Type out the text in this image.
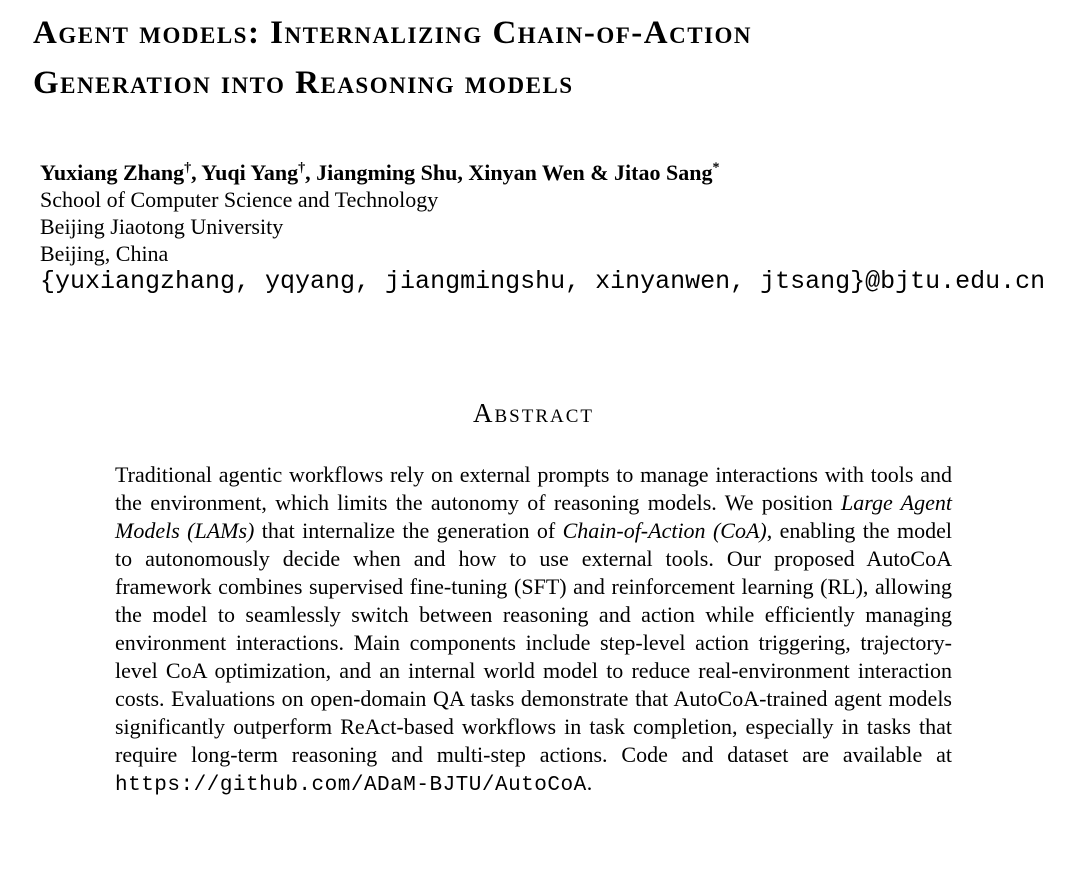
Agent models: Internalizing Chain-of-Action
Generation into Reasoning models

Yuxiang Zhang†, Yuqi Yang†, Jiangming Shu, Xinyan Wen & Jitao Sang*

School of Computer Science and Technology

Beijing Jiaotong University

Beijing, China

{yuxiangzhang, yqyang, jiangmingshu, xinyanwen, jtsang}@bjtu.edu.cn

Abstract

Traditional agentic workflows rely on external prompts to manage interactions with tools and the environment, which limits the autonomy of reasoning models. We position Large Agent Models (LAMs) that internalize the generation of Chain-of-Action (CoA), enabling the model to autonomously decide when and how to use external tools. Our proposed AutoCoA framework combines supervised fine-tuning (SFT) and reinforcement learning (RL), allowing the model to seamlessly switch between reasoning and action while efficiently managing environment interactions. Main components include step-level action triggering, trajectory-level CoA optimization, and an internal world model to reduce real-environment interaction costs. Evaluations on open-domain QA tasks demonstrate that AutoCoA-trained agent models significantly outperform ReAct-based workflows in task completion, especially in tasks that require long-term reasoning and multi-step actions. Code and dataset are available at https://github.com/ADaM-BJTU/AutoCoA.
